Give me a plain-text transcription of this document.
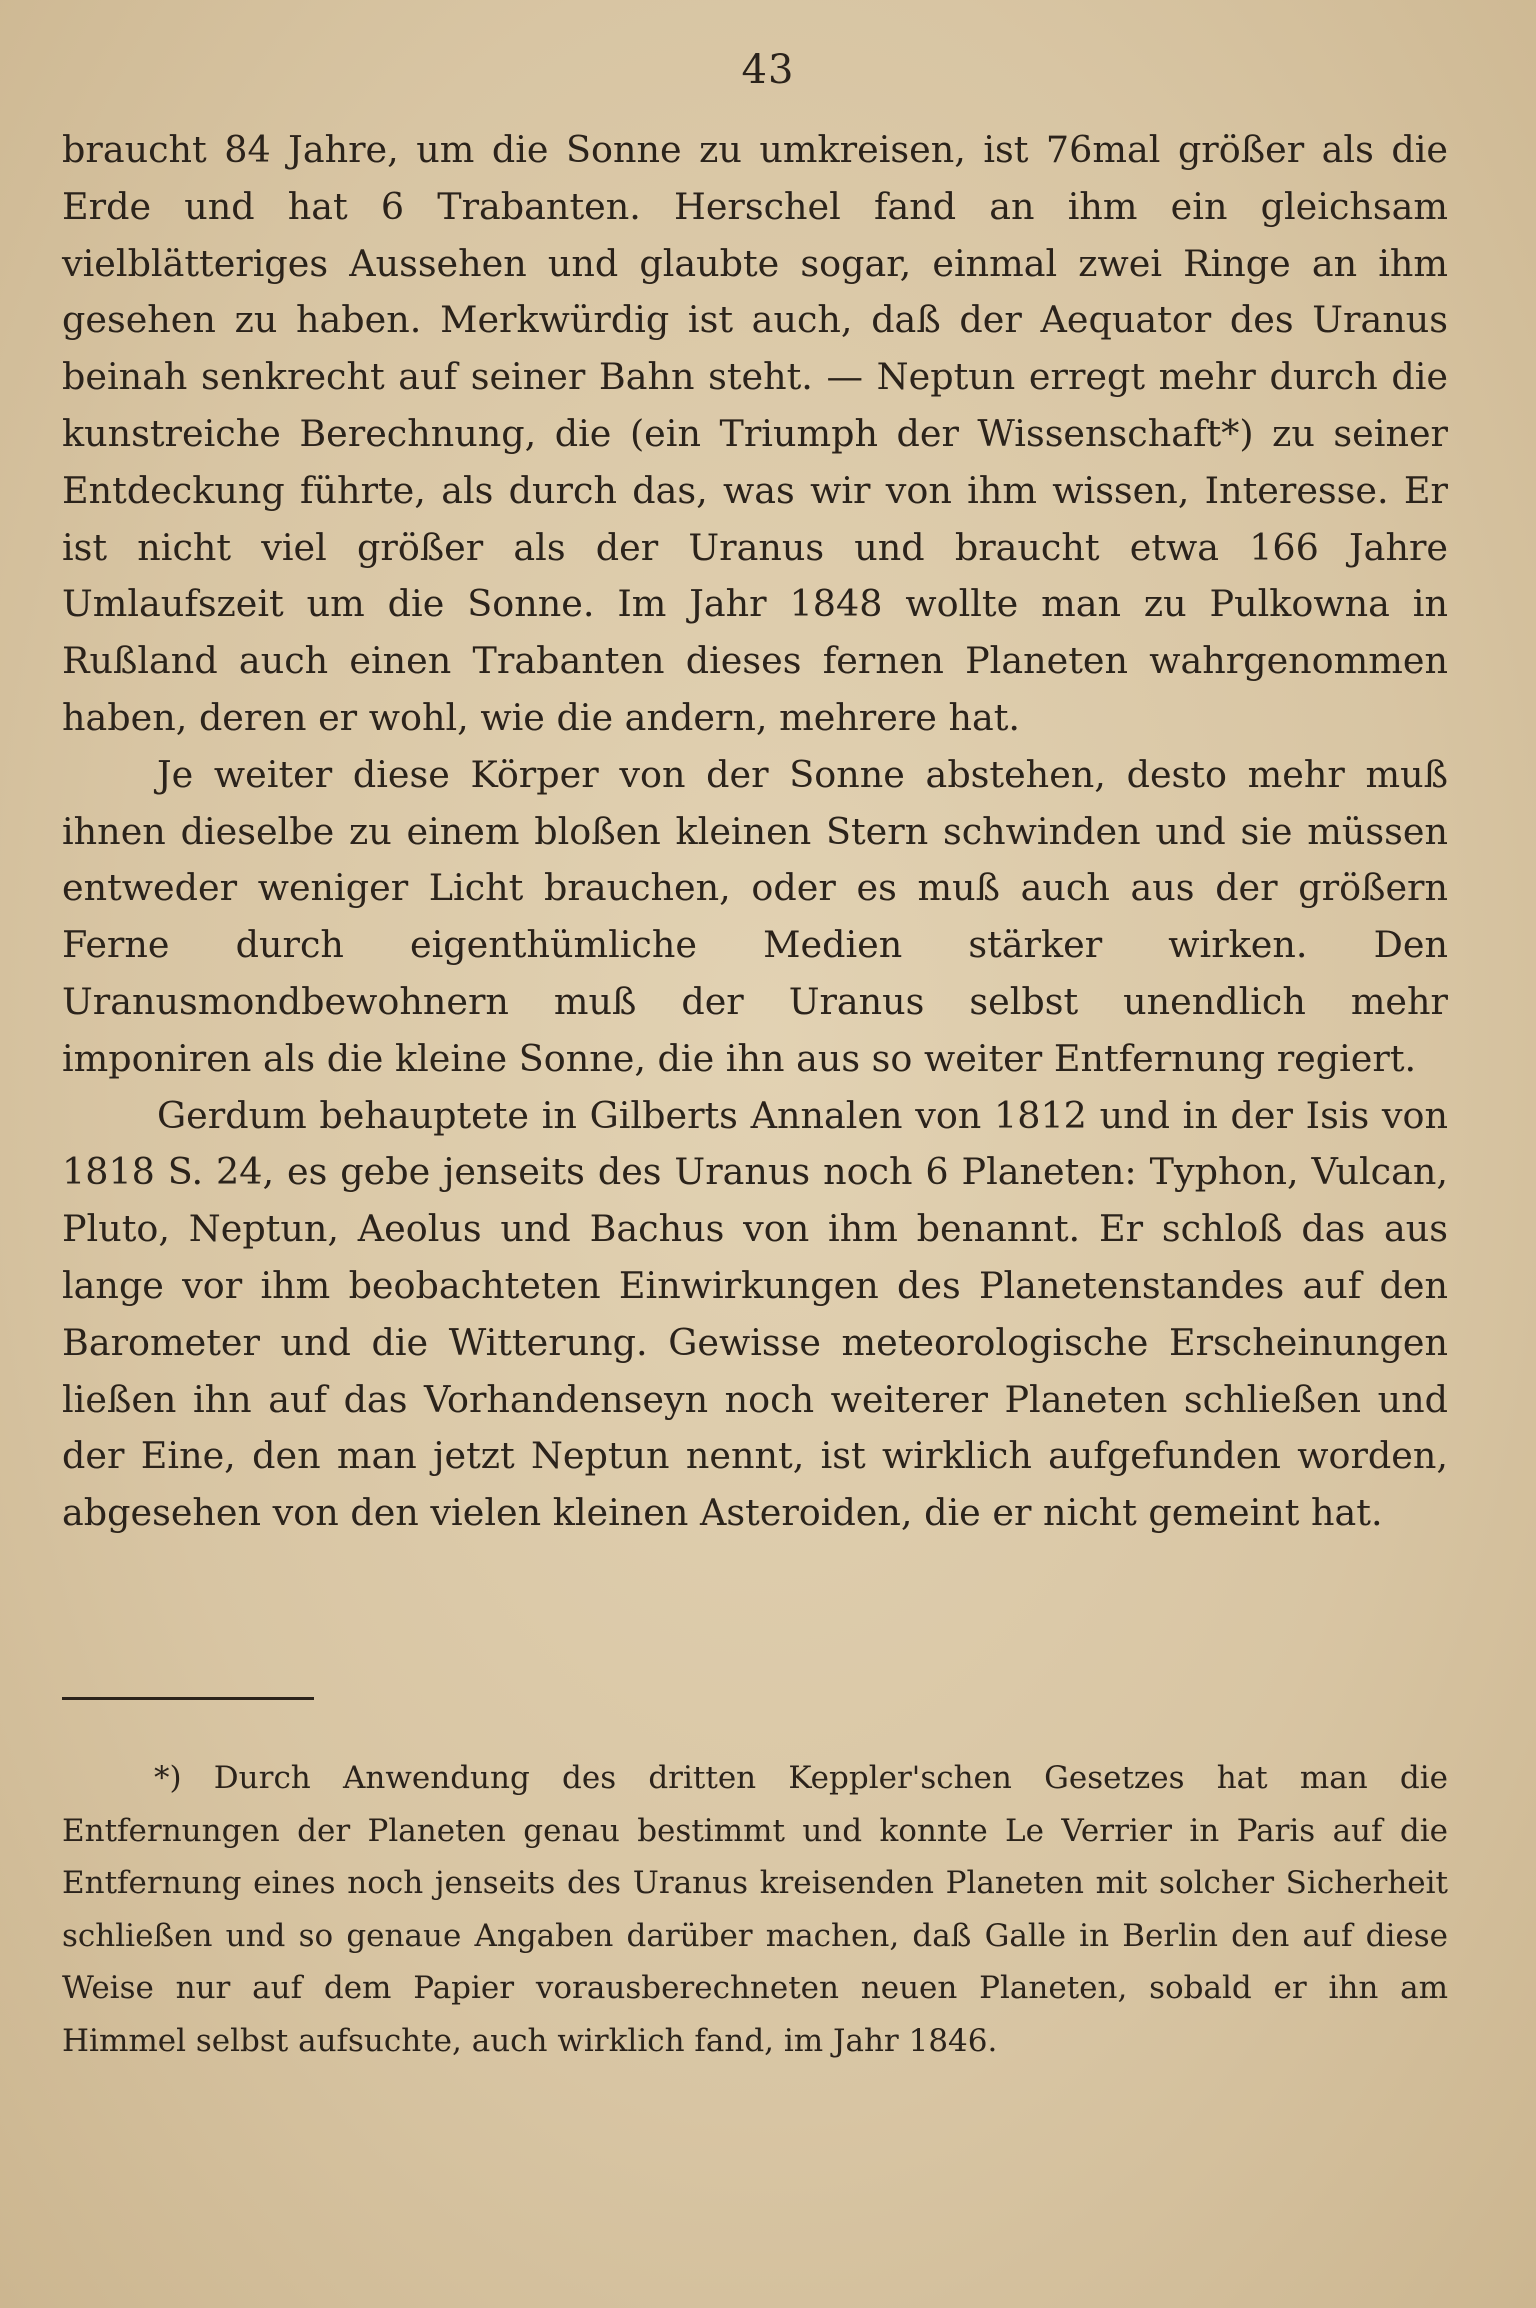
43

braucht 84 Jahre, um die Sonne zu umkreisen, ist 76mal größer als die Erde und hat 6 Trabanten. Herschel fand an ihm ein gleichsam vielblätteriges Aussehen und glaubte sogar, einmal zwei Ringe an ihm gesehen zu haben. Merkwürdig ist auch, daß der Aequator des Uranus beinah senkrecht auf seiner Bahn steht. — Neptun erregt mehr durch die kunstreiche Berechnung, die (ein Triumph der Wissenschaft*) zu seiner Entdeckung führte, als durch das, was wir von ihm wissen, Interesse. Er ist nicht viel größer als der Uranus und braucht etwa 166 Jahre Umlaufszeit um die Sonne. Im Jahr 1848 wollte man zu Pulkowna in Rußland auch einen Trabanten dieses fernen Planeten wahrgenommen haben, deren er wohl, wie die andern, mehrere hat.

Je weiter diese Körper von der Sonne abstehen, desto mehr muß ihnen dieselbe zu einem bloßen kleinen Stern schwinden und sie müssen entweder weniger Licht brauchen, oder es muß auch aus der größern Ferne durch eigenthümliche Medien stärker wirken. Den Uranusmondbewohnern muß der Uranus selbst unendlich mehr imponiren als die kleine Sonne, die ihn aus so weiter Entfernung regiert.

Gerdum behauptete in Gilberts Annalen von 1812 und in der Isis von 1818 S. 24, es gebe jenseits des Uranus noch 6 Planeten: Typhon, Vulcan, Pluto, Neptun, Aeolus und Bachus von ihm benannt. Er schloß das aus lange vor ihm beobachteten Einwirkungen des Planetenstandes auf den Barometer und die Witterung. Gewisse meteorologische Erscheinungen ließen ihn auf das Vorhandenseyn noch weiterer Planeten schließen und der Eine, den man jetzt Neptun nennt, ist wirklich aufgefunden worden, abgesehen von den vielen kleinen Asteroiden, die er nicht gemeint hat.

*) Durch Anwendung des dritten Keppler'schen Gesetzes hat man die Entfernungen der Planeten genau bestimmt und konnte Le Verrier in Paris auf die Entfernung eines noch jenseits des Uranus kreisenden Planeten mit solcher Sicherheit schließen und so genaue Angaben darüber machen, daß Galle in Berlin den auf diese Weise nur auf dem Papier vorausberechneten neuen Planeten, sobald er ihn am Himmel selbst aufsuchte, auch wirklich fand, im Jahr 1846.
